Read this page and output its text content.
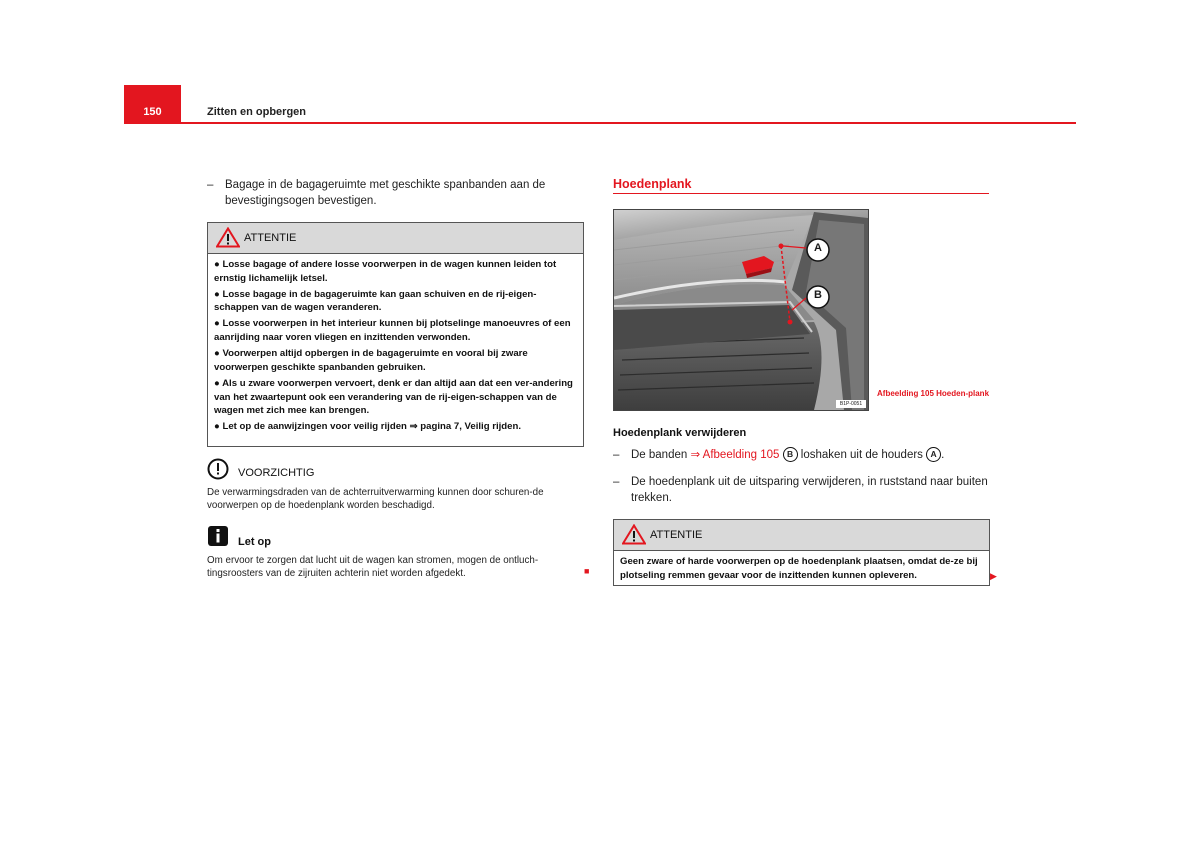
150	Zitten en opbergen
–	Bagage in de bagageruimte met geschikte spanbanden aan de bevestigingsogen bevestigen.
ATTENTIE
● Losse bagage of andere losse voorwerpen in de wagen kunnen leiden tot ernstig lichamelijk letsel.
● Losse bagage in de bagageruimte kan gaan schuiven en de rij-eigen-schappen van de wagen veranderen.
● Losse voorwerpen in het interieur kunnen bij plotselinge manoeuvres of een aanrijding naar voren vliegen en inzittenden verwonden.
● Voorwerpen altijd opbergen in de bagageruimte en vooral bij zware voorwerpen geschikte spanbanden gebruiken.
● Als u zware voorwerpen vervoert, denk er dan altijd aan dat een ver-andering van het zwaartepunt ook een verandering van de rij-eigen-schappen van de wagen met zich mee kan brengen.
● Let op de aanwijzingen voor veilig rijden ⇒ pagina 7, Veilig rijden.
VOORZICHTIG
De verwarmingsdraden van de achterruitverwarming kunnen door schuren-de voorwerpen op de hoedenplank worden beschadigd.
Let op
Om ervoor te zorgen dat lucht uit de wagen kan stromen, mogen de ontluch-tingsroosters van de zijruiten achterin niet worden afgedekt.	■
Hoedenplank
A
B
B1P-0051
Afbeelding 105 Hoeden-plank
Hoedenplank verwijderen
–	De banden ⇒ Afbeelding 105 B loshaken uit de houders A .
–	De hoedenplank uit de uitsparing verwijderen, in ruststand naar buiten trekken.
ATTENTIE
Geen zware of harde voorwerpen op de hoedenplank plaatsen, omdat de-ze bij plotseling remmen gevaar voor de inzittenden kunnen opleveren.	▶
